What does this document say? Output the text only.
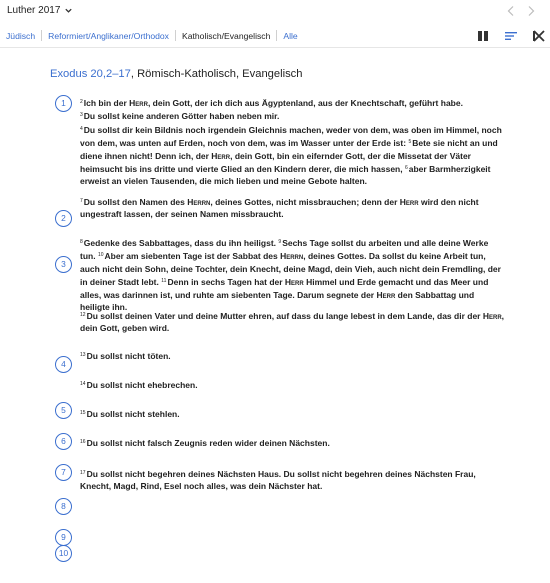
Luther 2017
Jüdisch Reformiert/Anglikaner/Orthodox Katholisch/Evangelisch Alle
Exodus 20,2–17, Römisch-Katholisch, Evangelisch
1
2
3
4
5
6
7
8
9
10
$^2$Ich bin der Herr, dein Gott, der ich dich aus Ägyptenland, aus der Knechtschaft, geführt habe.
$^3$Du sollst keine anderen Götter haben neben mir.
$^4$Du sollst dir kein Bildnis noch irgendein Gleichnis machen, weder von dem, was oben im Himmel, noch von dem, was unten auf Erden, noch von dem, was im Wasser unter der Erde ist: $^5$Bete sie nicht an und diene ihnen nicht! Denn ich, der Herr, dein Gott, bin ein eifernder Gott, der die Missetat der Väter heimsucht bis ins dritte und vierte Glied an den Kindern derer, die mich hassen, $^6$aber Barmherzigkeit erweist an vielen Tausenden, die mich lieben und meine Gebote halten.
$^7$Du sollst den Namen des Herrn, deines Gottes, nicht missbrauchen; denn der Herr wird den nicht ungestraft lassen, der seinen Namen missbraucht.
$^8$Gedenke des Sabbattages, dass du ihn heiligst. $^9$Sechs Tage sollst du arbeiten und alle deine Werke tun. $^{10}$Aber am siebenten Tage ist der Sabbat des Herrn, deines Gottes. Da sollst du keine Arbeit tun, auch nicht dein Sohn, deine Tochter, dein Knecht, deine Magd, dein Vieh, auch nicht dein Fremdling, der in deiner Stadt lebt. $^{11}$Denn in sechs Tagen hat der Herr Himmel und Erde gemacht und das Meer und alles, was darinnen ist, und ruhte am siebenten Tage. Darum segnete der Herr den Sabbattag und heiligte ihn.
$^{12}$Du sollst deinen Vater und deine Mutter ehren, auf dass du lange lebest in dem Lande, das dir der Herr, dein Gott, geben wird.
$^{13}$Du sollst nicht töten.
$^{14}$Du sollst nicht ehebrechen.
$^{15}$Du sollst nicht stehlen.
$^{16}$Du sollst nicht falsch Zeugnis reden wider deinen Nächsten.
$^{17}$Du sollst nicht begehren deines Nächsten Haus. Du sollst nicht begehren deines Nächsten Frau, Knecht, Magd, Rind, Esel noch alles, was dein Nächster hat.
